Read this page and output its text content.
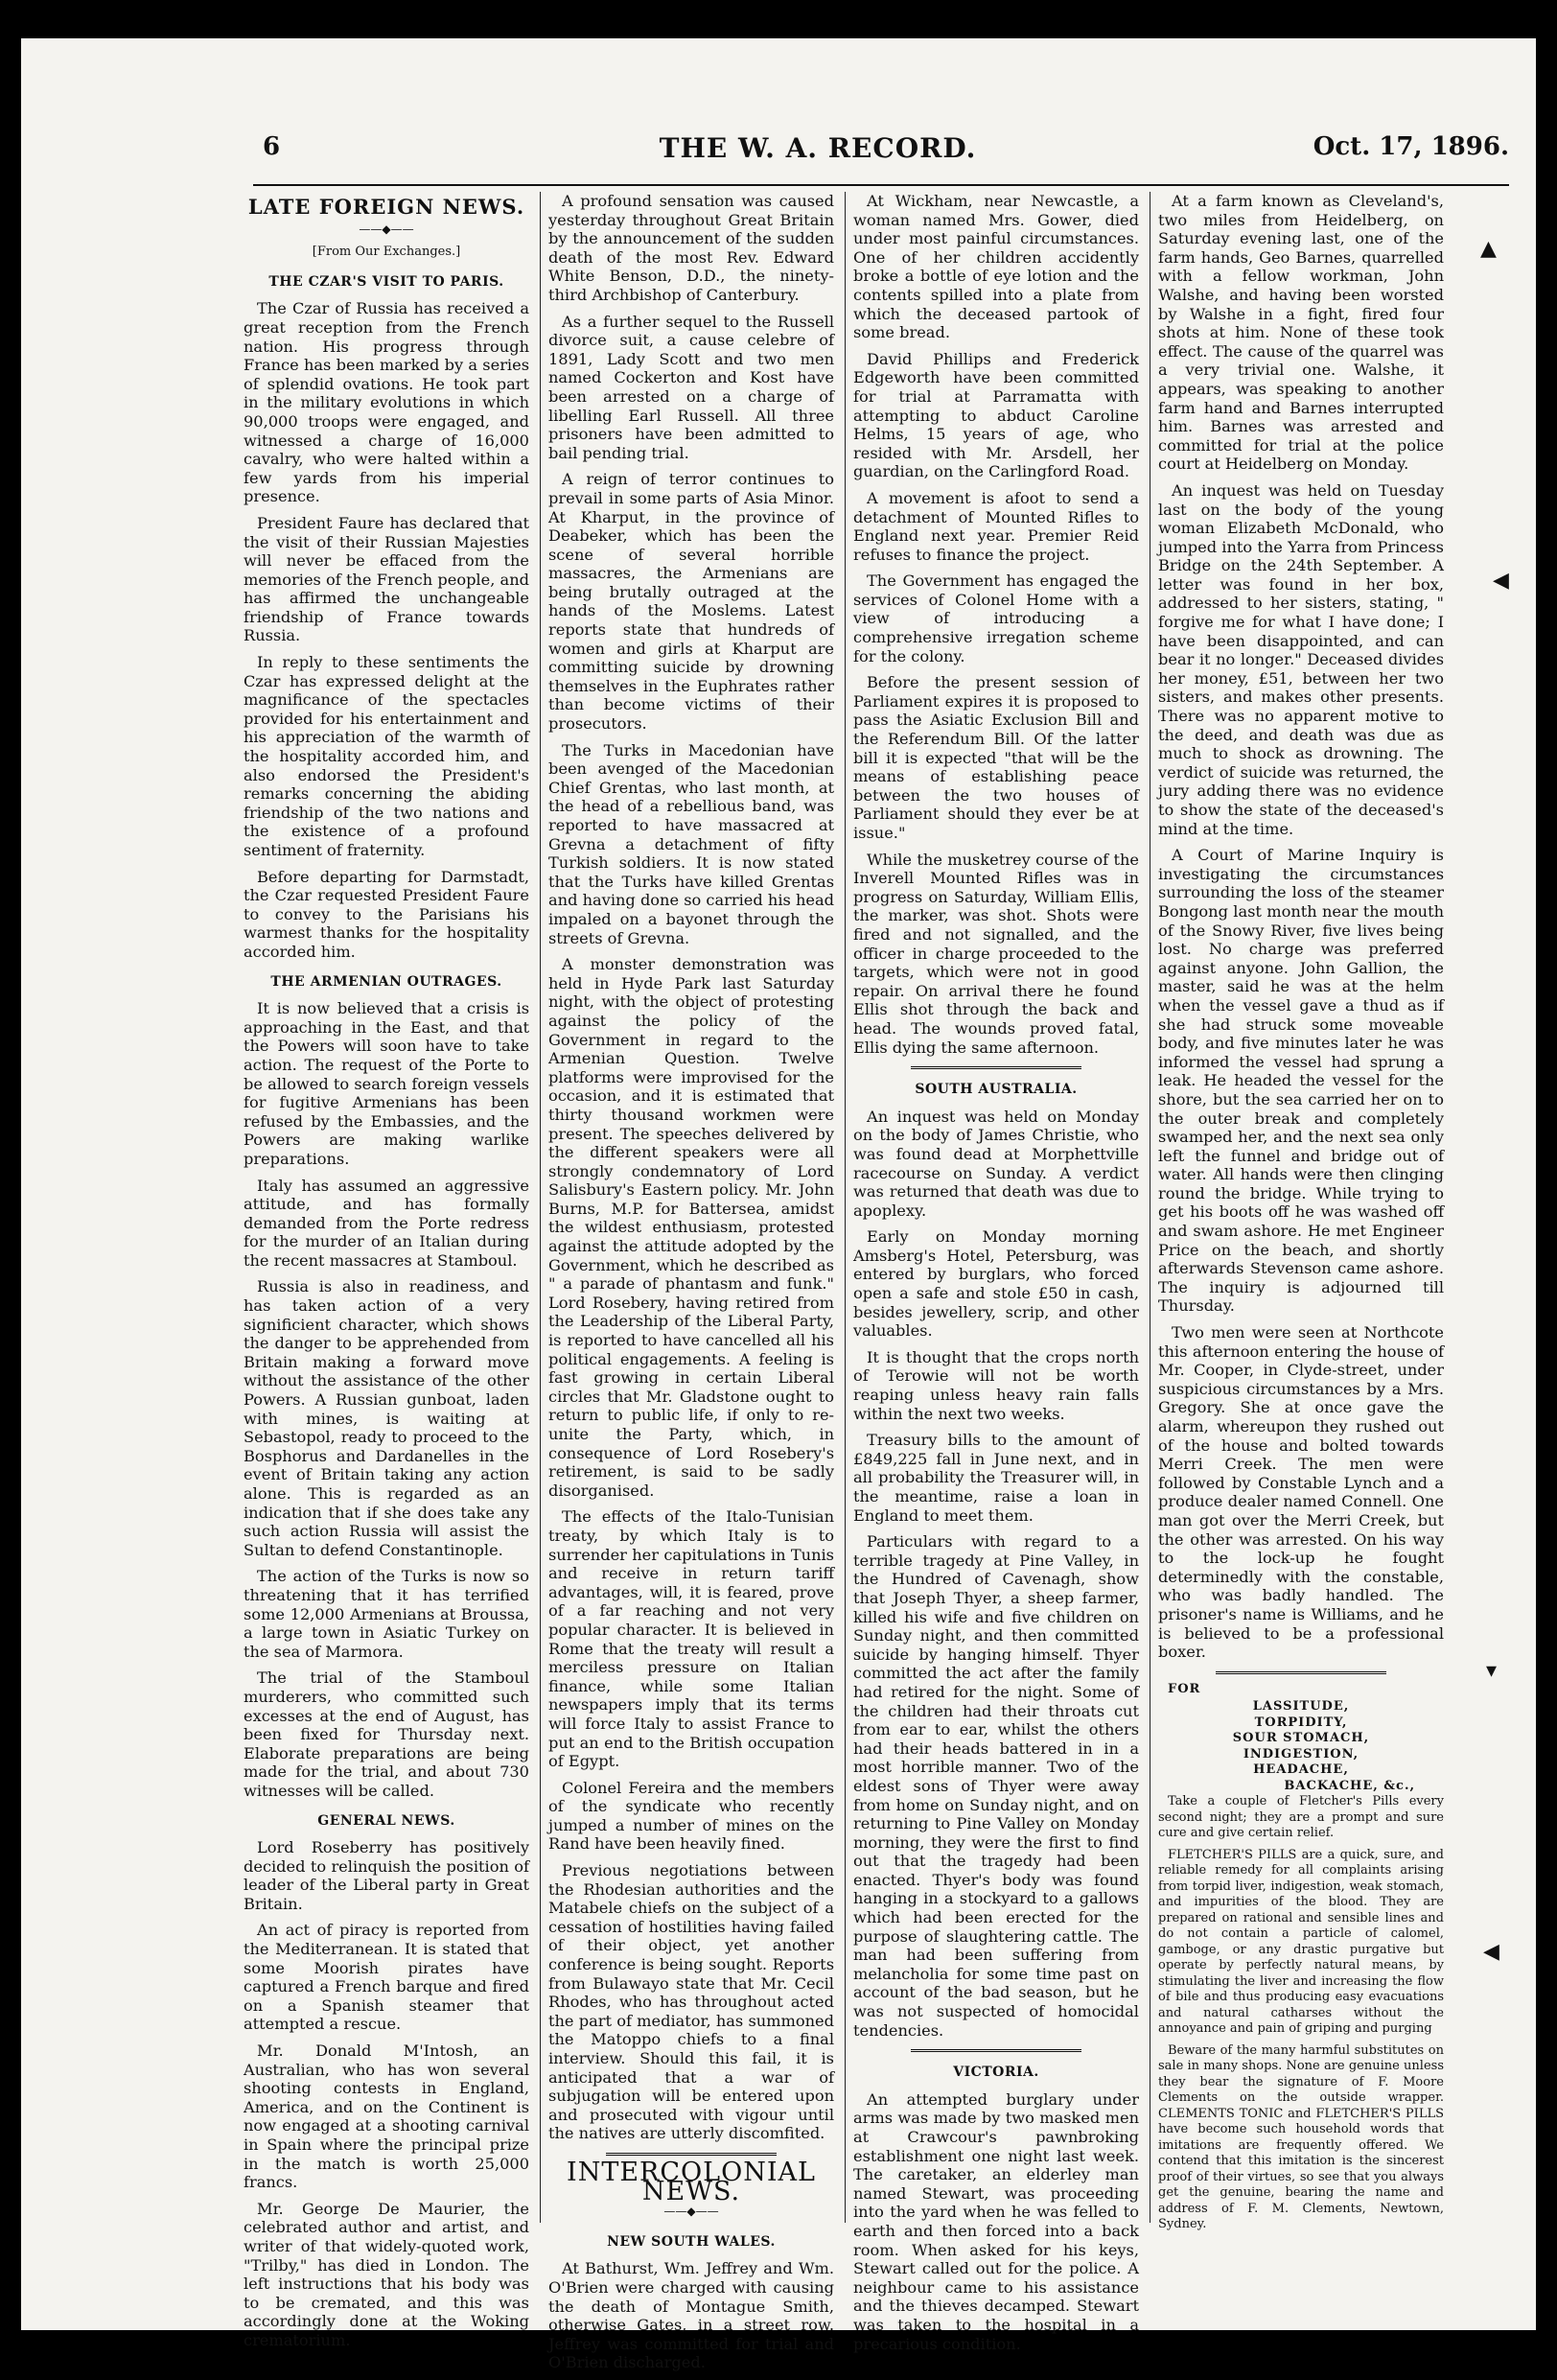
6	THE W. A. RECORD.	Oct. 17, 1896.
LATE FOREIGN NEWS.
——◆——
[From Our Exchanges.]
THE CZAR'S VISIT TO PARIS.

The Czar of Russia has received a great reception from the French nation. His progress through France has been marked by a series of splendid ovations. He took part in the military evolutions in which 90,000 troops were engaged, and witnessed a charge of 16,000 cavalry, who were halted within a few yards from his imperial presence.

President Faure has declared that the visit of their Russian Majesties will never be effaced from the memories of the French people, and has affirmed the unchangeable friendship of France towards Russia.

In reply to these sentiments the Czar has expressed delight at the magnificance of the spectacles provided for his entertainment and his appreciation of the warmth of the hospitality accorded him, and also endorsed the President's remarks concerning the abiding friendship of the two nations and the existence of a profound sentiment of fraternity.

Before departing for Darmstadt, the Czar requested President Faure to convey to the Parisians his warmest thanks for the hospitality accorded him.

THE ARMENIAN OUTRAGES.

It is now believed that a crisis is approaching in the East, and that the Powers will soon have to take action. The request of the Porte to be allowed to search foreign vessels for fugitive Armenians has been refused by the Embassies, and the Powers are making warlike preparations.

Italy has assumed an aggressive attitude, and has formally demanded from the Porte redress for the murder of an Italian during the recent massacres at Stamboul.

Russia is also in readiness, and has taken action of a very significient character, which shows the danger to be apprehended from Britain making a forward move without the assistance of the other Powers. A Russian gunboat, laden with mines, is waiting at Sebastopol, ready to proceed to the Bosphorus and Dardanelles in the event of Britain taking any action alone. This is regarded as an indication that if she does take any such action Russia will assist the Sultan to defend Constantinople.

The action of the Turks is now so threatening that it has terrified some 12,000 Armenians at Broussa, a large town in Asiatic Turkey on the sea of Marmora.

The trial of the Stamboul murderers, who committed such excesses at the end of August, has been fixed for Thursday next. Elaborate preparations are being made for the trial, and about 730 witnesses will be called.

GENERAL NEWS.

Lord Roseberry has positively decided to relinquish the position of leader of the Liberal party in Great Britain.

An act of piracy is reported from the Mediterranean. It is stated that some Moorish pirates have captured a French barque and fired on a Spanish steamer that attempted a rescue.

Mr. Donald M'Intosh, an Australian, who has won several shooting contests in England, America, and on the Continent is now engaged at a shooting carnival in Spain where the principal prize in the match is worth 25,000 francs.

Mr. George De Maurier, the celebrated author and artist, and writer of that widely-quoted work, "Trilby," has died in London. The left instructions that his body was to be cremated, and this was accordingly done at the Woking crematorium.

A profound sensation was caused yesterday throughout Great Britain by the announcement of the sudden death of the most Rev. Edward White Benson, D.D., the ninety-third Archbishop of Canterbury.

As a further sequel to the Russell divorce suit, a cause celebre of 1891, Lady Scott and two men named Cockerton and Kost have been arrested on a charge of libelling Earl Russell. All three prisoners have been admitted to bail pending trial.

A reign of terror continues to prevail in some parts of Asia Minor. At Kharput, in the province of Deabeker, which has been the scene of several horrible massacres, the Armenians are being brutally outraged at the hands of the Moslems. Latest reports state that hundreds of women and girls at Kharput are committing suicide by drowning themselves in the Euphrates rather than become victims of their prosecutors.

The Turks in Macedonian have been avenged of the Macedonian Chief Grentas, who last month, at the head of a rebellious band, was reported to have massacred at Grevna a detachment of fifty Turkish soldiers. It is now stated that the Turks have killed Grentas and having done so carried his head impaled on a bayonet through the streets of Grevna.

A monster demonstration was held in Hyde Park last Saturday night, with the object of protesting against the policy of the Government in regard to the Armenian Question. Twelve platforms were improvised for the occasion, and it is estimated that thirty thousand workmen were present. The speeches delivered by the different speakers were all strongly condemnatory of Lord Salisbury's Eastern policy. Mr. John Burns, M.P. for Battersea, amidst the wildest enthusiasm, protested against the attitude adopted by the Government, which he described as " a parade of phantasm and funk." Lord Rosebery, having retired from the Leadership of the Liberal Party, is reported to have cancelled all his political engagements. A feeling is fast growing in certain Liberal circles that Mr. Gladstone ought to return to public life, if only to re-unite the Party, which, in consequence of Lord Rosebery's retirement, is said to be sadly disorganised.

The effects of the Italo-Tunisian treaty, by which Italy is to surrender her capitulations in Tunis and receive in return tariff advantages, will, it is feared, prove of a far reaching and not very popular character. It is believed in Rome that the treaty will result a merciless pressure on Italian finance, while some Italian newspapers imply that its terms will force Italy to assist France to put an end to the British occupation of Egypt.

Colonel Fereira and the members of the syndicate who recently jumped a number of mines on the Rand have been heavily fined.

Previous negotiations between the Rhodesian authorities and the Matabele chiefs on the subject of a cessation of hostilities having failed of their object, yet another conference is being sought. Reports from Bulawayo state that Mr. Cecil Rhodes, who has throughout acted the part of mediator, has summoned the Matoppo chiefs to a final interview. Should this fail, it is anticipated that a war of subjugation will be entered upon and prosecuted with vigour until the natives are utterly discomfited.

INTERCOLONIAL NEWS.
——◆——
NEW SOUTH WALES.

At Bathurst, Wm. Jeffrey and Wm. O'Brien were charged with causing the death of Montague Smith, otherwise Gates, in a street row. Jeffrey was committed for trial and O'Brien discharged.

At Wickham, near Newcastle, a woman named Mrs. Gower, died under most painful circumstances. One of her children accidently broke a bottle of eye lotion and the contents spilled into a plate from which the deceased partook of some bread.

David Phillips and Frederick Edgeworth have been committed for trial at Parramatta with attempting to abduct Caroline Helms, 15 years of age, who resided with Mr. Arsdell, her guardian, on the Carlingford Road.

A movement is afoot to send a detachment of Mounted Rifles to England next year. Premier Reid refuses to finance the project.

The Government has engaged the services of Colonel Home with a view of introducing a comprehensive irregation scheme for the colony.

Before the present session of Parliament expires it is proposed to pass the Asiatic Exclusion Bill and the Referendum Bill. Of the latter bill it is expected "that will be the means of establishing peace between the two houses of Parliament should they ever be at issue."

While the musketrey course of the Inverell Mounted Rifles was in progress on Saturday, William Ellis, the marker, was shot. Shots were fired and not signalled, and the officer in charge proceeded to the targets, which were not in good repair. On arrival there he found Ellis shot through the back and head. The wounds proved fatal, Ellis dying the same afternoon.

SOUTH AUSTRALIA.

An inquest was held on Monday on the body of James Christie, who was found dead at Morphettville racecourse on Sunday. A verdict was returned that death was due to apoplexy.

Early on Monday morning Amsberg's Hotel, Petersburg, was entered by burglars, who forced open a safe and stole £50 in cash, besides jewellery, scrip, and other valuables.

It is thought that the crops north of Terowie will not be worth reaping unless heavy rain falls within the next two weeks.

Treasury bills to the amount of £849,225 fall in June next, and in all probability the Treasurer will, in the meantime, raise a loan in England to meet them.

Particulars with regard to a terrible tragedy at Pine Valley, in the Hundred of Cavenagh, show that Joseph Thyer, a sheep farmer, killed his wife and five children on Sunday night, and then committed suicide by hanging himself. Thyer committed the act after the family had retired for the night. Some of the children had their throats cut from ear to ear, whilst the others had their heads battered in in a most horrible manner. Two of the eldest sons of Thyer were away from home on Sunday night, and on returning to Pine Valley on Monday morning, they were the first to find out that the tragedy had been enacted. Thyer's body was found hanging in a stockyard to a gallows which had been erected for the purpose of slaughtering cattle. The man had been suffering from melancholia for some time past on account of the bad season, but he was not suspected of homocidal tendencies.

VICTORIA.

An attempted burglary under arms was made by two masked men at Crawcour's pawnbroking establishment one night last week. The caretaker, an elderley man named Stewart, was proceeding into the yard when he was felled to earth and then forced into a back room. When asked for his keys, Stewart called out for the police. A neighbour came to his assistance and the thieves decamped. Stewart was taken to the hospital in a precarious condition.

At a farm known as Cleveland's, two miles from Heidelberg, on Saturday evening last, one of the farm hands, Geo Barnes, quarrelled with a fellow workman, John Walshe, and having been worsted by Walshe in a fight, fired four shots at him. None of these took effect. The cause of the quarrel was a very trivial one. Walshe, it appears, was speaking to another farm hand and Barnes interrupted him. Barnes was arrested and committed for trial at the police court at Heidelberg on Monday.

An inquest was held on Tuesday last on the body of the young woman Elizabeth McDonald, who jumped into the Yarra from Princess Bridge on the 24th September. A letter was found in her box, addressed to her sisters, stating, " forgive me for what I have done; I have been disappointed, and can bear it no longer." Deceased divides her money, £51, between her two sisters, and makes other presents. There was no apparent motive to the deed, and death was due as much to shock as drowning. The verdict of suicide was returned, the jury adding there was no evidence to show the state of the deceased's mind at the time.

A Court of Marine Inquiry is investigating the circumstances surrounding the loss of the steamer Bongong last month near the mouth of the Snowy River, five lives being lost. No charge was preferred against anyone. John Gallion, the master, said he was at the helm when the vessel gave a thud as if she had struck some moveable body, and five minutes later he was informed the vessel had sprung a leak. He headed the vessel for the shore, but the sea carried her on to the outer break and completely swamped her, and the next sea only left the funnel and bridge out of water. All hands were then clinging round the bridge. While trying to get his boots off he was washed off and swam ashore. He met Engineer Price on the beach, and shortly afterwards Stevenson came ashore. The inquiry is adjourned till Thursday.

Two men were seen at Northcote this afternoon entering the house of Mr. Cooper, in Clyde-street, under suspicious circumstances by a Mrs. Gregory. She at once gave the alarm, whereupon they rushed out of the house and bolted towards Merri Creek. The men were followed by Constable Lynch and a produce dealer named Connell. One man got over the Merri Creek, but the other was arrested. On his way to the lock-up he fought determinedly with the constable, who was badly handled. The prisoner's name is Williams, and he is believed to be a professional boxer.

FOR
LASSITUDE,
TORPIDITY,
SOUR STOMACH,
INDIGESTION,
HEADACHE,
BACKACHE, &c.,

Take a couple of Fletcher's Pills every second night; they are a prompt and sure cure and give certain relief.

FLETCHER'S PILLS are a quick, sure, and reliable remedy for all complaints arising from torpid liver, indigestion, weak stomach, and impurities of the blood. They are prepared on rational and sensible lines and do not contain a particle of calomel, gamboge, or any drastic purgative but operate by perfectly natural means, by stimulating the liver and increasing the flow of bile and thus producing easy evacuations and natural catharses without the annoyance and pain of griping and purging

Beware of the many harmful substitutes on sale in many shops. None are genuine unless they bear the signature of F. Moore Clements on the outside wrapper. CLEMENTS TONIC and FLETCHER'S PILLS have become such household words that imitations are frequently offered. We contend that this imitation is the sincerest proof of their virtues, so see that you always get the genuine, bearing the name and address of F. M. Clements, Newtown, Sydney.

▲
◀
▾
◀
